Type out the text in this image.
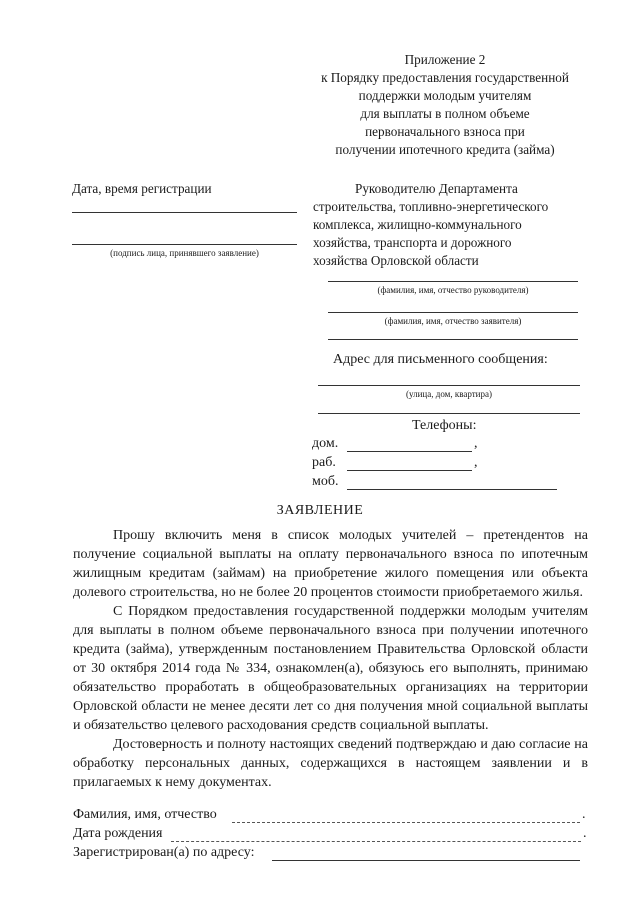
Приложение 2
к Порядку предоставления государственной
поддержки молодым учителям
для выплаты в полном объеме
первоначального взноса при
получении ипотечного кредита (займа)
Дата, время регистрации
(подпись лица, принявшего заявление)
Руководителю Департамента
строительства, топливно-энергетического
комплекса, жилищно-коммунального
хозяйства, транспорта и дорожного
хозяйства Орловской области
(фамилия, имя, отчество руководителя)
(фамилия, имя, отчество заявителя)
Адрес для письменного сообщения:
(улица, дом, квартира)
Телефоны:
дом.	,
раб.	,
моб.
ЗАЯВЛЕНИЕ

Прошу включить меня в список молодых учителей – претендентов на получение социальной выплаты на оплату первоначального взноса по ипотечным жилищным кредитам (займам) на приобретение жилого помещения или объекта долевого строительства, но не более 20 процентов стоимости приобретаемого жилья.

С Порядком предоставления государственной поддержки молодым учителям для выплаты в полном объеме первоначального взноса при получении ипотечного кредита (займа), утвержденным постановлением Правительства Орловской области от 30 октября 2014 года № 334, ознакомлен(а), обязуюсь его выполнять, принимаю обязательство проработать в общеобразовательных организациях на территории Орловской области не менее десяти лет со дня получения мной социальной выплаты и обязательство целевого расходования средств социальной выплаты.

Достоверность и полноту настоящих сведений подтверждаю и даю согласие на обработку персональных данных, содержащихся в настоящем заявлении и в прилагаемых к нему документах.

Фамилия, имя, отчество	.
Дата рождения	.
Зарегистрирован(а) по адресу:
